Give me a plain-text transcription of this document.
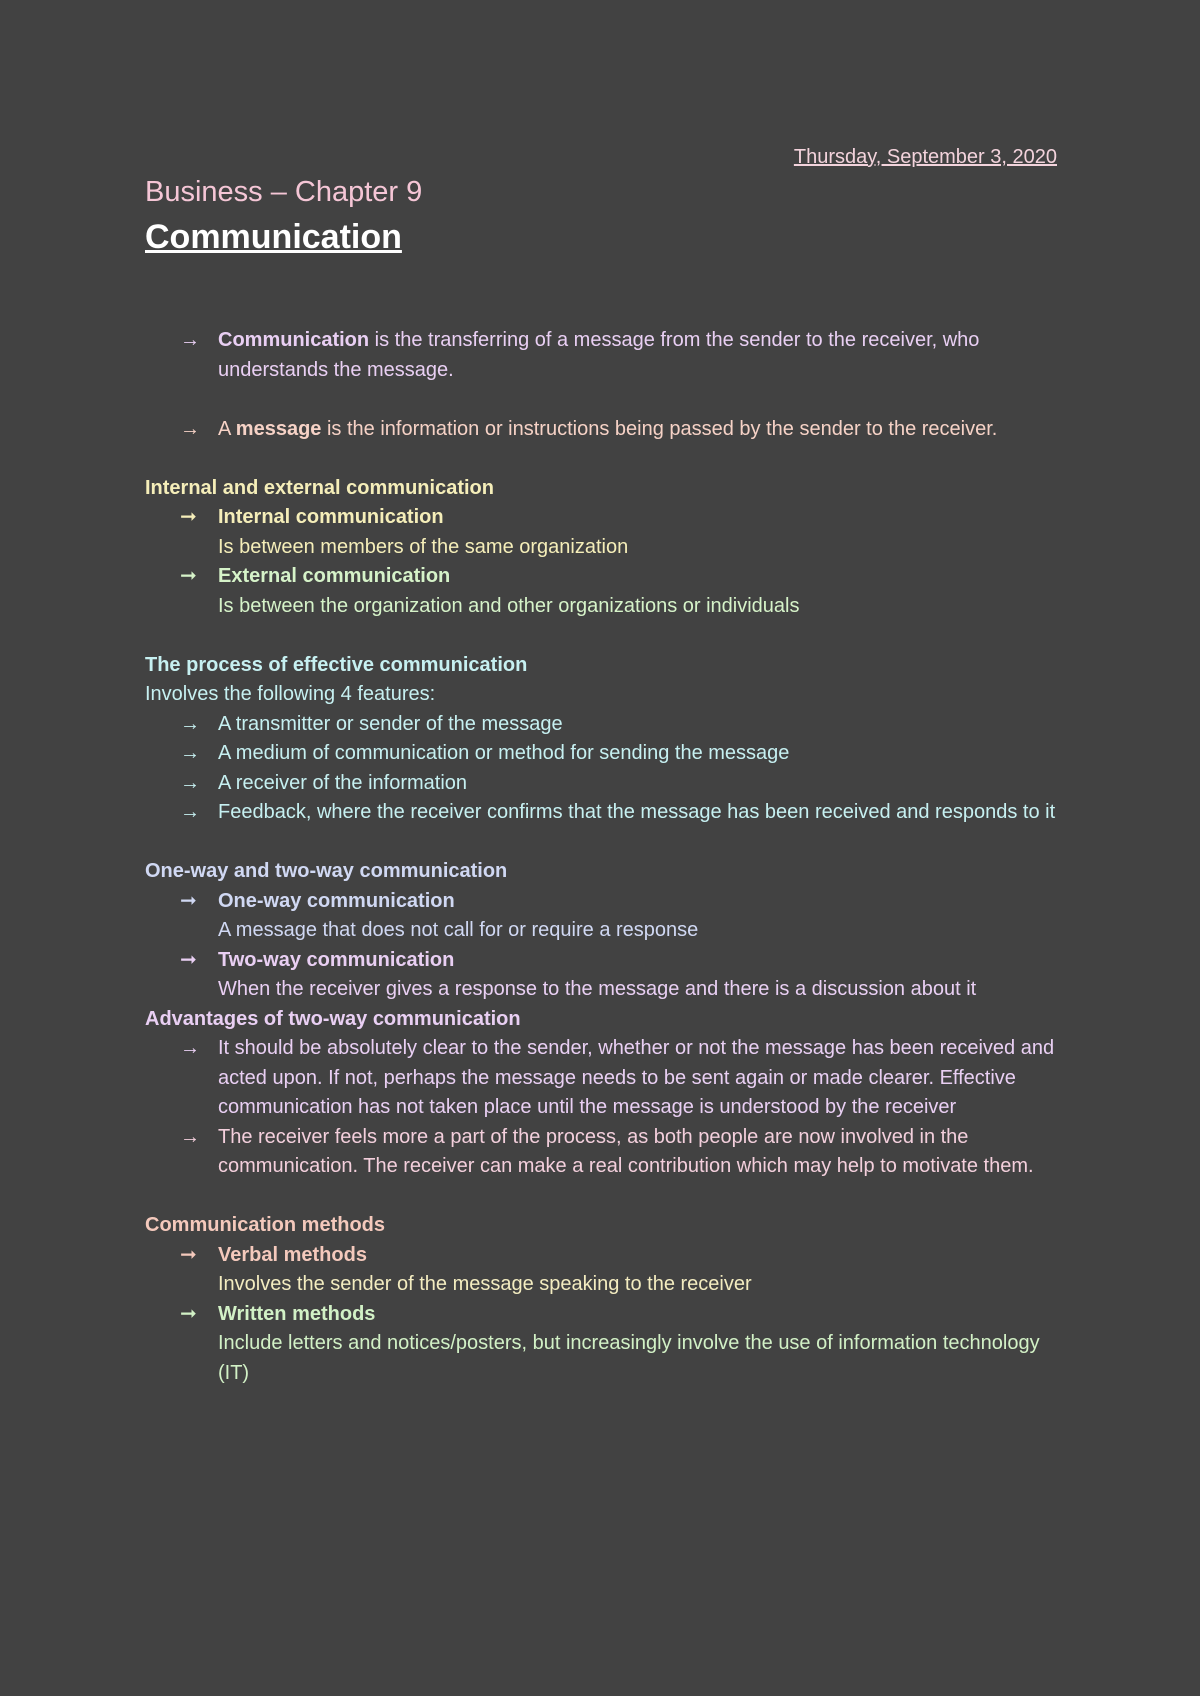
Thursday, September 3, 2020
Business – Chapter 9
Communication
→ Communication is the transferring of a message from the sender to the receiver, who understands the message.
→ A message is the information or instructions being passed by the sender to the receiver.
Internal and external communication
➞	Internal communication
Is between members of the same organization
➞	External communication
Is between the organization and other organizations or individuals
The process of effective communication
Involves the following 4 features:
→ A transmitter or sender of the message
→ A medium of communication or method for sending the message
→ A receiver of the information
→ Feedback, where the receiver confirms that the message has been received and responds to it
One-way and two-way communication
➞	One-way communication
A message that does not call for or require a response
➞	Two-way communication
When the receiver gives a response to the message and there is a discussion about it
Advantages of two-way communication
→ It should be absolutely clear to the sender, whether or not the message has been received and acted upon. If not, perhaps the message needs to be sent again or made clearer. Effective communication has not taken place until the message is understood by the receiver
→ The receiver feels more a part of the process, as both people are now involved in the communication. The receiver can make a real contribution which may help to motivate them.
Communication methods
➞	Verbal methods
Involves the sender of the message speaking to the receiver
➞	Written methods
Include letters and notices/posters, but increasingly involve the use of information technology (IT)
